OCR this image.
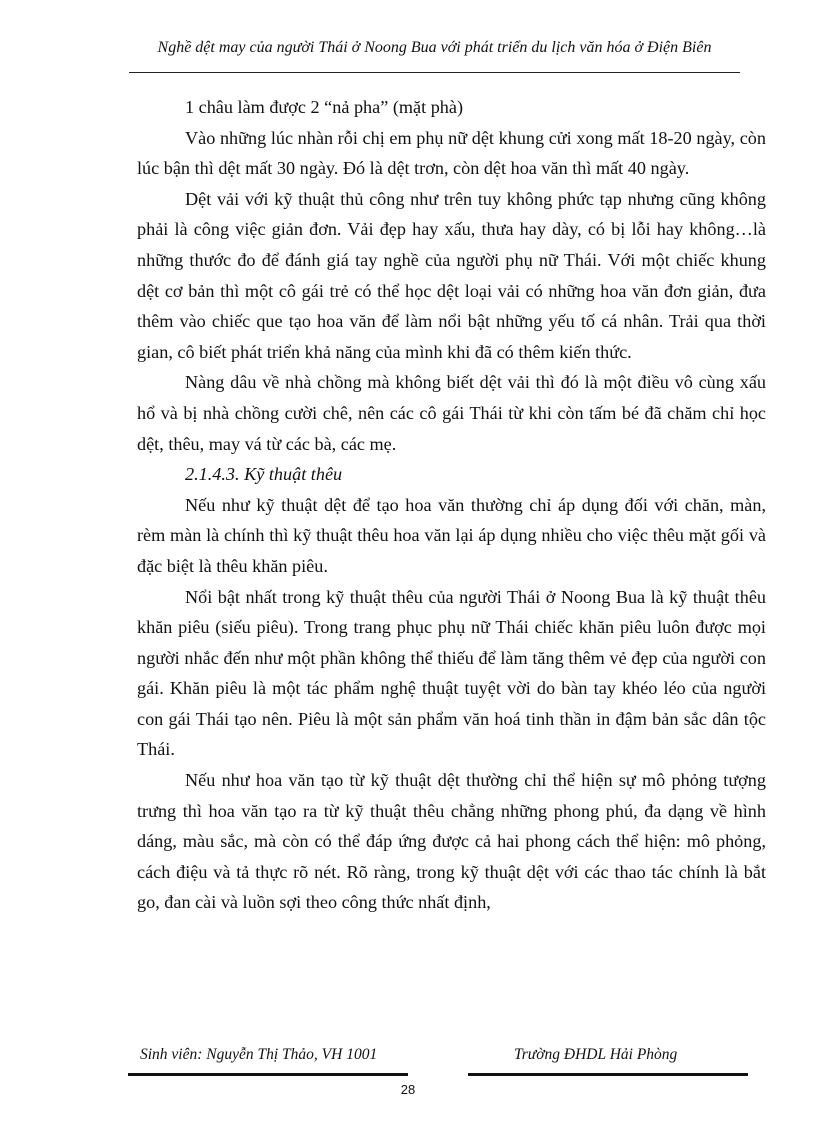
Nghề dệt may của người Thái ở Noong Bua với phát triển du lịch văn hóa ở Điện Biên

1 châu làm được 2 “nả pha” (mặt phà)

Vào những lúc nhàn rỗi chị em phụ nữ dệt khung cửi xong mất 18-20 ngày, còn lúc bận thì dệt mất 30 ngày. Đó là dệt trơn, còn dệt hoa văn thì mất 40 ngày.

Dệt vải với kỹ thuật thủ công như trên tuy không phức tạp nhưng cũng không phải là công việc giản đơn. Vải đẹp hay xấu, thưa hay dày, có bị lỗi hay không…là những thước đo để đánh giá tay nghề của người phụ nữ Thái. Với một chiếc khung dệt cơ bản thì một cô gái trẻ có thể học dệt loại vải có những hoa văn đơn giản, đưa thêm vào chiếc que tạo hoa văn để làm nổi bật những yếu tố cá nhân. Trải qua thời gian, cô biết phát triển khả năng của mình khi đã có thêm kiến thức.

Nàng dâu về nhà chồng mà không biết dệt vải thì đó là một điều vô cùng xấu hổ và bị nhà chồng cười chê, nên các cô gái Thái từ khi còn tấm bé đã chăm chỉ học dệt, thêu, may vá từ các bà, các mẹ.

2.1.4.3. Kỹ thuật thêu

Nếu như kỹ thuật dệt để tạo hoa văn thường chỉ áp dụng đối với chăn, màn, rèm màn là chính thì kỹ thuật thêu hoa văn lại áp dụng nhiều cho việc thêu mặt gối và đặc biệt là thêu khăn piêu.

Nổi bật nhất trong kỹ thuật thêu của người Thái ở Noong Bua là kỹ thuật thêu khăn piêu (siếu piêu). Trong trang phục phụ nữ Thái chiếc khăn piêu luôn được mọi người nhắc đến như một phần không thể thiếu để làm tăng thêm vẻ đẹp của người con gái. Khăn piêu là một tác phẩm nghệ thuật tuyệt vời do bàn tay khéo léo của người con gái Thái tạo nên. Piêu là một sản phẩm văn hoá tinh thần in đậm bản sắc dân tộc Thái.

Nếu như hoa văn tạo từ kỹ thuật dệt thường chỉ thể hiện sự mô phỏng tượng trưng thì hoa văn tạo ra từ kỹ thuật thêu chẳng những phong phú, đa dạng về hình dáng, màu sắc, mà còn có thể đáp ứng được cả hai phong cách thể hiện: mô phỏng, cách điệu và tả thực rõ nét. Rõ ràng, trong kỹ thuật dệt với các thao tác chính là bắt go, đan cài và luồn sợi theo công thức nhất định,

Sinh viên: Nguyễn Thị Thảo, VH 1001	Trường ĐHDL Hải Phòng
28
